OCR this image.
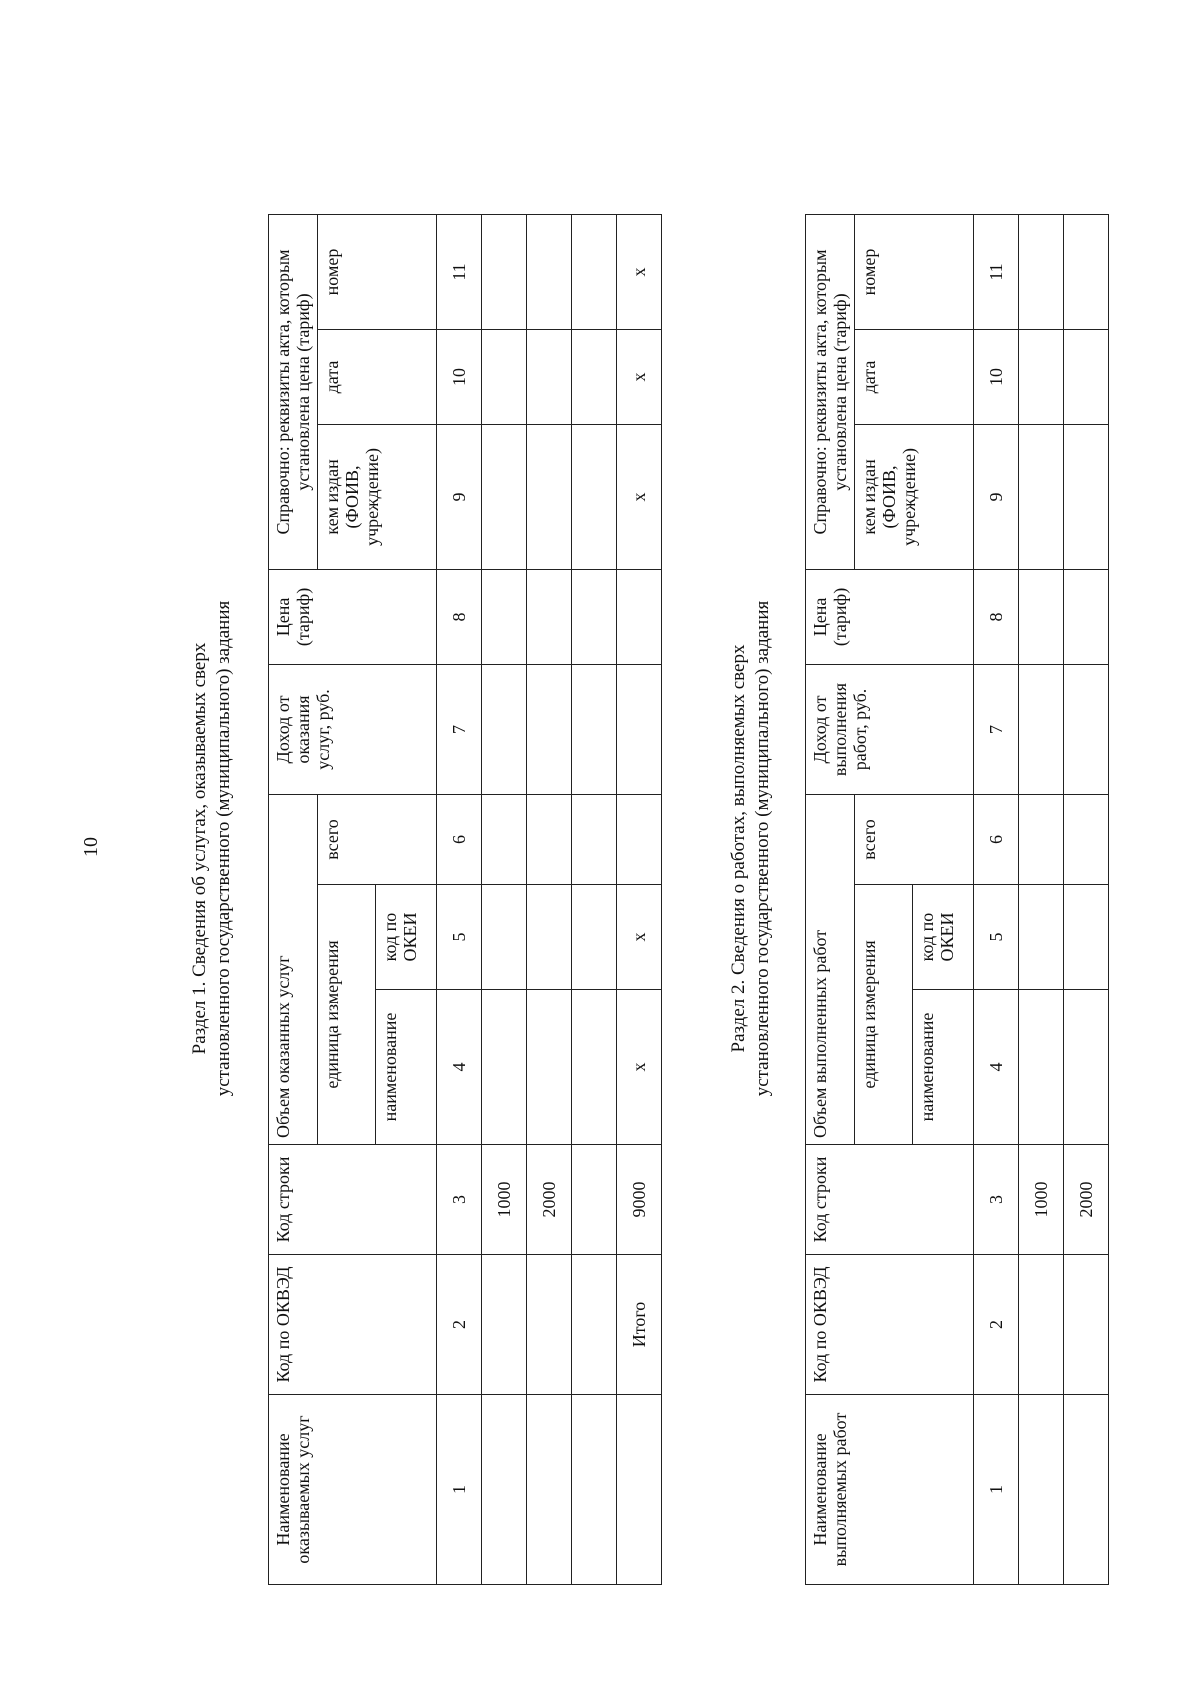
10	Раздел 1. Сведения об услугах, оказываемых сверх установленного государственного (муниципального) задания
Наименование оказываемых услуг	Код по ОКВЭД	Код строки	Объем оказанных услуг			Доход от оказания услуг, руб.	Цена (тариф)	Справочно: реквизиты акта, которым установлена цена (тариф)		
			единица измерения		всего			кем издан (ФОИВ, учреждение)	дата	номер
			наименование	код по ОКЕИ						
1	2	3	4	5	6	7	8	9	10	11
		1000								
		2000								

	Итого	9000	x	x				x	x	x
Раздел 2. Сведения о работах, выполняемых сверх установленного государственного (муниципального) задания
Наименование выполняемых работ	Код по ОКВЭД	Код строки	Объем выполненных работ			Доход от выполнения работ, руб.	Цена (тариф)	Справочно: реквизиты акта, которым установлена цена (тариф)		
			единица измерения		всего			кем издан (ФОИВ, учреждение)	дата	номер
			наименование	код по ОКЕИ						
1	2	3	4	5	6	7	8	9	10	11
		1000								
		2000								
